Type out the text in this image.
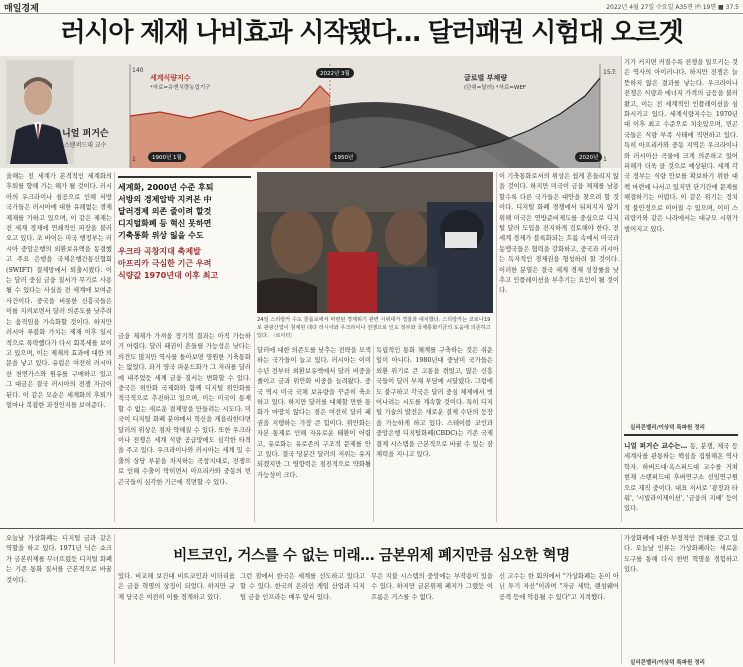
매일경제	2022년 4월 27일 수요일 A35면 ㈜ 19면 ■ 37.5
러시아 제재 나비효과 시작됐다… 달러패권 시험대 오르겟
세계식량지수
*자료=유엔식량농업기구
글로벌 부채량
(단위=달러) *자료=WEF
140
1
15조
1
1900년 1월
2022년 3월
1950년	2020년
니얼 퍼거슨
스탠퍼드대 교수
올해는 전 세계가 본격적인 세계화의 후퇴를 향해 가는 해가 될 것이다. 러시아의 우크라이나 침공으로 인해 서방 국가들은 러시아에 대한 유례없는 경제 제재를 가하고 있으며, 이 같은 제재는 전 세계 경제에 연쇄적인 파장을 불러오고 있다. 조 바이든 미국 행정부는 러시아 중앙은행의 외환보유액을 동결했고 주요 은행을 국제은행간통신협회(SWIFT) 결제망에서 퇴출시켰다. 이는 달러 중심 금융 질서가 무기로 사용될 수 있다는 사실을 전 세계에 보여준 사건이다. 중국을 비롯한 신흥국들은 이를 지켜보면서 달러 의존도를 낮추려는 움직임을 가속화할 것이다. 하지만 러시아 루블화 가치는 제재 이후 일시적으로 폭락했다가 다시 회복세를 보이고 있으며, 이는 제재의 효과에 대한 의문을 낳고 있다. 유럽은 여전히 러시아산 천연가스와 원유를 구매하고 있고 그 대금은 결국 러시아의 전쟁 자금이 된다. 이 같은 모순은 세계화의 후퇴가 얼마나 복잡한 과정인지를 보여준다.
세계화, 2000년 수준 후퇴
서방의 경제압박 지켜본 中
달러경제 의존 줄이려 할것
디지털화폐 등 혁신 못하면
기축통화 위상 잃을 수도
우크라 곡창지대 축제발
아프리카 극심한 기근 우려
식량값 1970년대 이후 최고
금융 제재가 가져올 장기적 결과는 아직 가늠하기 어렵다. 달러 패권이 흔들릴 가능성은 낮다는 의견도 많지만 역사를 돌아보면 영원한 기축통화는 없었다. 과거 영국 파운드화가 그 자리를 달러에 내주었듯 세계 금융 질서는 변화할 수 있다. 중국은 위안화 국제화와 함께 디지털 위안화를 적극적으로 추진하고 있으며, 이는 미국이 통제할 수 없는 새로운 결제망을 만들려는 시도다. 미국이 디지털 화폐 분야에서 혁신을 게을리한다면 달러의 위상은 점차 약해질 수 있다. 또한 우크라이나 전쟁은 세계 식량 공급망에도 심각한 타격을 주고 있다. 우크라이나와 러시아는 세계 밀 수출의 상당 부분을 차지하는 곡창지대로, 전쟁으로 인해 수출이 막히면서 아프리카와 중동의 빈곤국들이 심각한 기근에 직면할 수 있다.
24일 스리랑카 수도 콜롬보에서 마련된 경제위기 관련 시위대가 경찰과 대치했다. 스리랑카는 코로나19로 관광산업이 침체된 데다 러시아와 우크라이나 전쟁으로 인도 정부와 국제통화기금의 도움에 의존하고 있다. 〔로이터〕
달러에 대한 의존도를 낮추는 전략을 모색하는 국가들이 늘고 있다. 러시아는 이미 수년 전부터 외환보유액에서 달러 비중을 줄이고 금과 위안화 비중을 늘려왔다. 중국 역시 미국 국채 보유량을 꾸준히 축소하고 있다. 하지만 달러를 대체할 만한 통화가 마땅치 않다는 점은 여전히 달러 패권을 지탱하는 가장 큰 힘이다. 위안화는 자본 통제로 인해 자유로운 태환이 어렵고, 유로화는 유로존의 구조적 문제를 안고 있다. 결국 당분간 달러의 지위는 유지되겠지만 그 영향력은 점진적으로 약화될 가능성이 크다.
독립적인 통화 체계를 구축하는 것은 쉬운 일이 아니다. 1980년대 중남미 국가들은 외환 위기로 큰 고통을 겪었고, 많은 신흥국들이 달러 부채 부담에 시달렸다. 그럼에도 불구하고 각국은 달러 중심 체제에서 벗어나려는 시도를 계속할 것이다. 특히 디지털 기술의 발전은 새로운 결제 수단의 등장을 가능하게 하고 있다. 스테이블 코인과 중앙은행 디지털화폐(CBDC)는 기존 국제 결제 시스템을 근본적으로 바꿀 수 있는 잠재력을 지니고 있다.
이 기축통화로서의 위상은 쉽게 흔들리지 않을 것이다. 하지만 미국이 금융 제재를 남용할수록 다른 국가들은 대안을 찾으려 할 것이다. 디지털 화폐 경쟁에서 뒤처지지 않기 위해 미국은 연방준비제도를 중심으로 디지털 달러 도입을 진지하게 검토해야 한다. 전 세계 경제가 블록화되는 흐름 속에서 미국과 동맹국들은 협력을 강화하고, 중국과 러시아는 독자적인 경제권을 형성하려 할 것이다. 이러한 분열은 결국 세계 경제 성장률을 낮추고 인플레이션을 부추기는 요인이 될 것이다.
기가 커지면 커질수록 전쟁을 일으키는 것은 역사의 아이러니다. 하지만 전쟁은 늘 뜻하지 않은 결과를 낳는다. 우크라이나 전쟁은 식량과 에너지 가격의 급등을 불러왔고, 이는 전 세계적인 인플레이션을 심화시키고 있다. 세계식량지수는 1970년대 이후 최고 수준으로 치솟았으며, 빈곤국들은 식량 부족 사태에 직면하고 있다. 특히 아프리카와 중동 지역은 우크라이나와 러시아산 곡물에 크게 의존하고 있어 피해가 더욱 클 것으로 예상된다. 세계 각국 정부는 식량 안보를 확보하기 위한 대책 마련에 나서고 있지만 단기간에 문제를 해결하기는 어렵다. 이 같은 위기는 정치적 불안정으로 이어질 수 있으며, 이미 스리랑카와 같은 나라에서는 대규모 시위가 벌어지고 있다.
실리콘밸리/이상덕 특파원 정리
니얼 퍼거슨 교수는… 동, 분쟁, 제국 등 세계사를 관통하는 핵심을 집필해온 역사학자. 하버드대·옥스퍼드대 교수를 거쳐 현재 스탠퍼드대 후버연구소 선임연구원으로 재직 중이다. 대표 저서로 '광장과 타워', '시빌라이제이션', '금융의 지배' 등이 있다.
오늘날 가상화폐는 디지털 금과 같은 역할을 하고 있다. 1971년 닉슨 쇼크가 금본위제를 무너뜨렸듯 디지털 화폐는 기존 통화 질서를 근본적으로 바꿀 것이다.
비트코인, 거스를 수 없는 미래… 금본위제 폐지만큼 심오한 혁명
있다. 비교해 보건대 비트코인과 이더리움은 금융 혁명의 상징이 되었다. 하지만 규제 당국은 여전히 이를 경계하고 있다.
그런 점에서 한국은 세계를 선도하고 있다고 할 수 있다. 한국의 온라인 게임 산업과 디지털 금융 인프라는 매우 앞서 있다.
무은 지불 시스템의 중앙에는 부작용이 있을 수 있다. 하지만 금본위제 폐지가 그랬듯 이 흐름은 거스를 수 없다.
신 고수는 한 회의에서 "가상화폐는 돈이 아닌 투기 자산"이라며 "자금 세탁, 랜섬웨어 공격 등에 악용될 수 있다"고 지적했다.
가상화폐에 대한 부정적인 견해를 갖고 있다. 오늘날 인류는 가상화폐라는 새로운 도구를 통해 다시 한번 혁명을 경험하고 있다.
실리콘밸리/이상덕 특파원 정리
